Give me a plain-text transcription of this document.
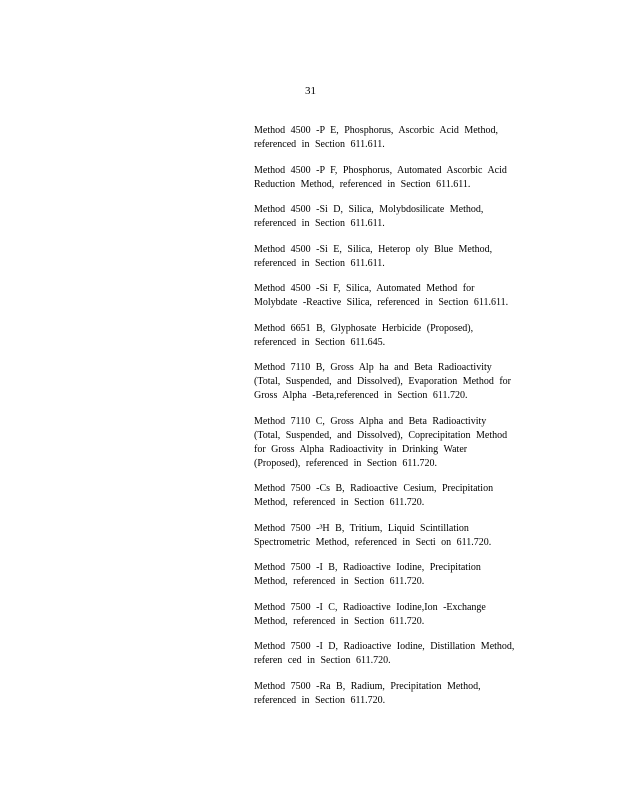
31
Method 4500 -P E, Phosphorus, Ascorbic Acid Method,
referenced in Section 611.611.
Method 4500 -P F, Phosphorus, Automated Ascorbic Acid
Reduction Method, referenced in Section 611.611.
Method 4500 -Si D, Silica, Molybdosilicate Method,
referenced in Section 611.611.
Method 4500 -Si E, Silica, Heterop oly Blue Method,
referenced in Section 611.611.
Method 4500 -Si F, Silica, Automated Method for
Molybdate -Reactive Silica, referenced in Section 611.611.
Method 6651 B, Glyphosate Herbicide (Proposed),
referenced in Section 611.645.
Method 7110 B, Gross Alp ha and Beta Radioactivity
(Total, Suspended, and Dissolved), Evaporation Method for
Gross Alpha -Beta,referenced in Section 611.720.
Method 7110 C, Gross Alpha and Beta Radioactivity
(Total, Suspended, and Dissolved), Coprecipitation Method
for Gross Alpha Radioactivity in Drinking Water
(Proposed), referenced in Section 611.720.
Method 7500 -Cs B, Radioactive Cesium, Precipitation
Method, referenced in Section 611.720.
Method 7500 -³H B, Tritium, Liquid Scintillation
Spectrometric Method, referenced in Secti on 611.720.
Method 7500 -I B, Radioactive Iodine, Precipitation
Method, referenced in Section 611.720.
Method 7500 -I C, Radioactive Iodine,Ion -Exchange
Method, referenced in Section 611.720.
Method 7500 -I D, Radioactive Iodine, Distillation Method,
referen ced in Section 611.720.
Method 7500 -Ra B, Radium, Precipitation Method,
referenced in Section 611.720.
